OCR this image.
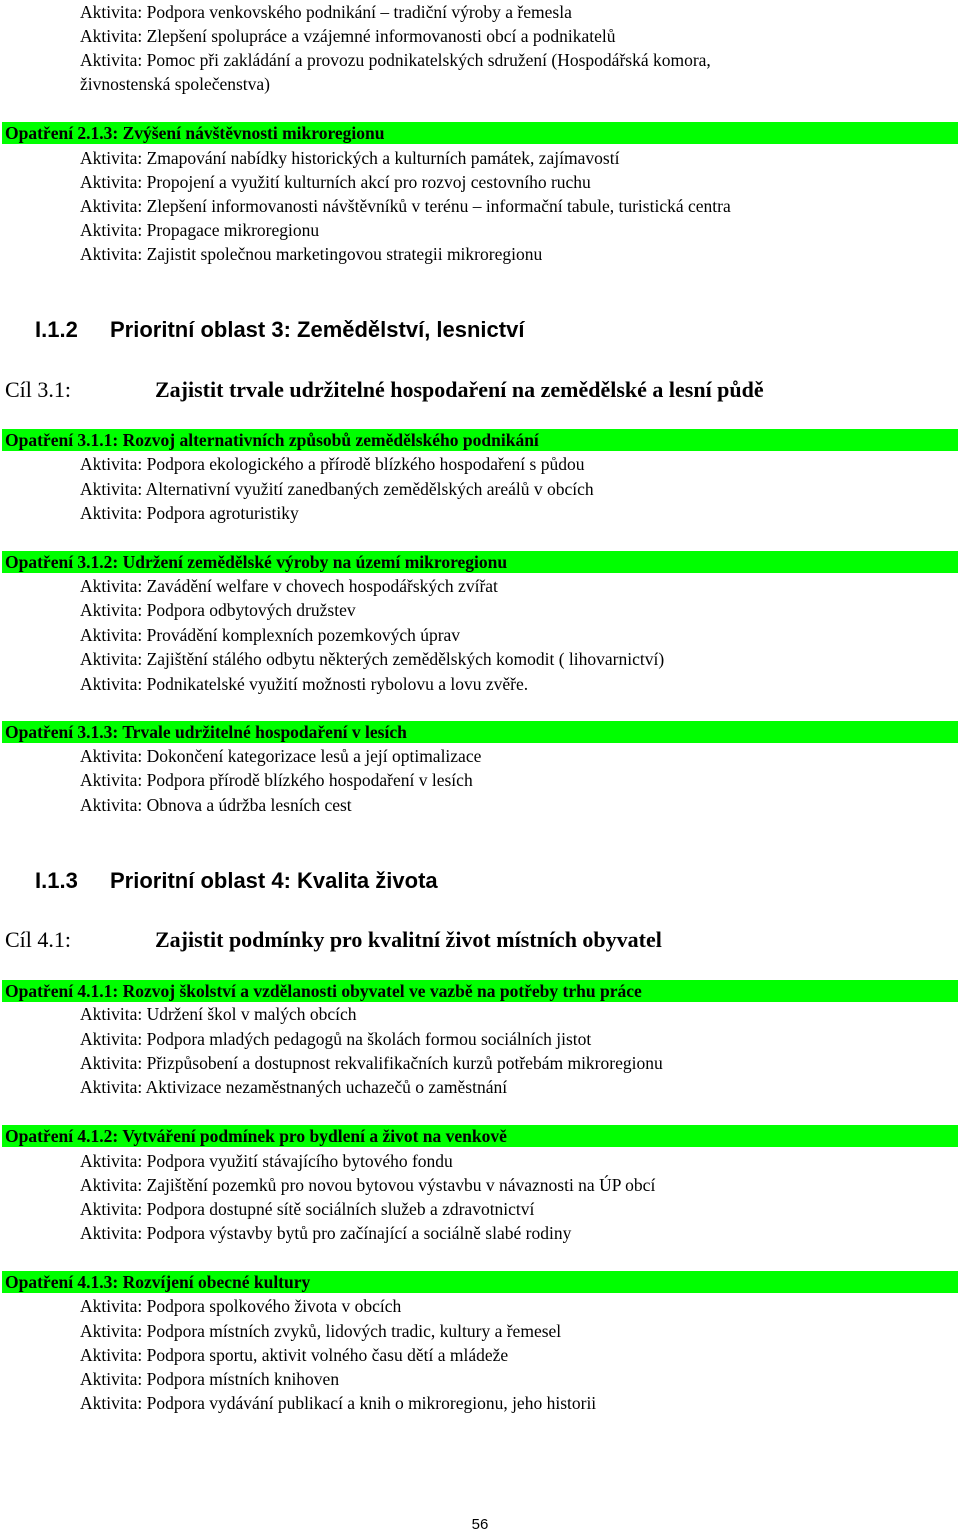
Aktivita: Podpora venkovského podnikání – tradiční výroby a řemesla
Aktivita: Zlepšení spolupráce a vzájemné informovanosti obcí a podnikatelů
Aktivita: Pomoc při zakládání a provozu podnikatelských sdružení (Hospodářská komora,
živnostenská společenstva)
Opatření 2.1.3: Zvýšení návštěvnosti mikroregionu
Aktivita: Zmapování nabídky historických a kulturních památek, zajímavostí
Aktivita: Propojení a využití kulturních akcí pro rozvoj cestovního ruchu
Aktivita: Zlepšení informovanosti návštěvníků v terénu – informační tabule, turistická centra
Aktivita: Propagace mikroregionu
Aktivita: Zajistit společnou marketingovou strategii mikroregionu
I.1.2 Prioritní oblast 3: Zemědělství, lesnictví
Cíl 3.1:	Zajistit trvale udržitelné hospodaření na zemědělské a lesní půdě
Opatření 3.1.1: Rozvoj alternativních způsobů zemědělského podnikání
Aktivita: Podpora ekologického a přírodě blízkého hospodaření s půdou
Aktivita: Alternativní využití zanedbaných zemědělských areálů v obcích
Aktivita: Podpora agroturistiky
Opatření 3.1.2: Udržení zemědělské výroby na území mikroregionu
Aktivita: Zavádění welfare v chovech hospodářských zvířat
Aktivita: Podpora odbytových družstev
Aktivita: Provádění komplexních pozemkových úprav
Aktivita: Zajištění stálého odbytu některých zemědělských komodit ( lihovarnictví)
Aktivita: Podnikatelské využití možnosti rybolovu a lovu zvěře.
Opatření 3.1.3: Trvale udržitelné hospodaření v lesích
Aktivita: Dokončení kategorizace lesů a její optimalizace
Aktivita: Podpora přírodě blízkého hospodaření v lesích
Aktivita: Obnova a údržba lesních cest
I.1.3 Prioritní oblast 4: Kvalita života
Cíl 4.1:	Zajistit podmínky pro kvalitní život místních obyvatel
Opatření 4.1.1: Rozvoj školství a vzdělanosti obyvatel ve vazbě na potřeby trhu práce
Aktivita: Udržení škol v malých obcích
Aktivita: Podpora mladých pedagogů na školách formou sociálních jistot
Aktivita: Přizpůsobení a dostupnost rekvalifikačních kurzů potřebám mikroregionu
Aktivita: Aktivizace nezaměstnaných uchazečů o zaměstnání
Opatření 4.1.2: Vytváření podmínek pro bydlení a život na venkově
Aktivita: Podpora využití stávajícího bytového fondu
Aktivita: Zajištění pozemků pro novou bytovou výstavbu v návaznosti na ÚP obcí
Aktivita: Podpora dostupné sítě sociálních služeb a zdravotnictví
Aktivita: Podpora výstavby bytů pro začínající a sociálně slabé rodiny
Opatření 4.1.3: Rozvíjení obecné kultury
Aktivita: Podpora spolkového života v obcích
Aktivita: Podpora místních zvyků, lidových tradic, kultury a řemesel
Aktivita: Podpora sportu, aktivit volného času dětí a mládeže
Aktivita: Podpora místních knihoven
Aktivita: Podpora vydávání publikací a knih o mikroregionu, jeho historii
56
